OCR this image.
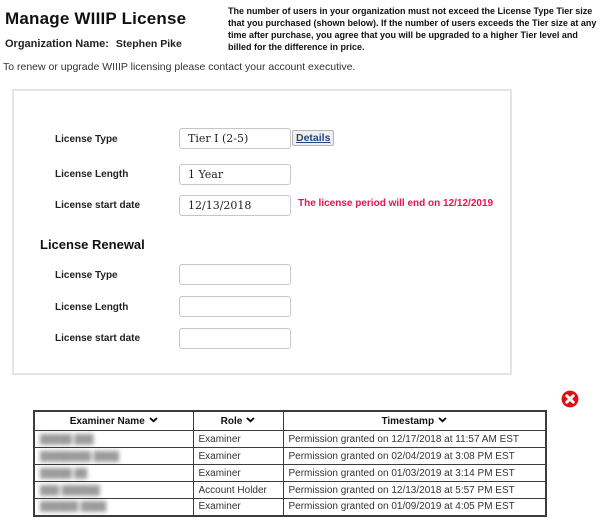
Manage WIIIP License
Organization Name: Stephen Pike
The number of users in your organization must not exceed the License Type Tier size that you purchased (shown below). If the number of users exceeds the Tier size at any time after purchase, you agree that you will be upgraded to a higher Tier level and billed for the difference in price.
To renew or upgrade WIIIP licensing please contact your account executive.
License Type
Tier I (2-5)	Details
License Length
1 Year
License start date
12/13/2018	The license period will end on 12/12/2019
License Renewal
License Type
License Length
License start date
Examiner Name	Role	Timestamp
█████ ███	Examiner	Permission granted on 12/17/2018 at 11:57 AM EST
████████ ████	Examiner	Permission granted on 02/04/2019 at 3:08 PM EST
█████ ██	Examiner	Permission granted on 01/03/2019 at 3:14 PM EST
███ ██████	Account Holder	Permission granted on 12/13/2018 at 5:57 PM EST
██████ ████	Examiner	Permission granted on 01/09/2019 at 4:05 PM EST
